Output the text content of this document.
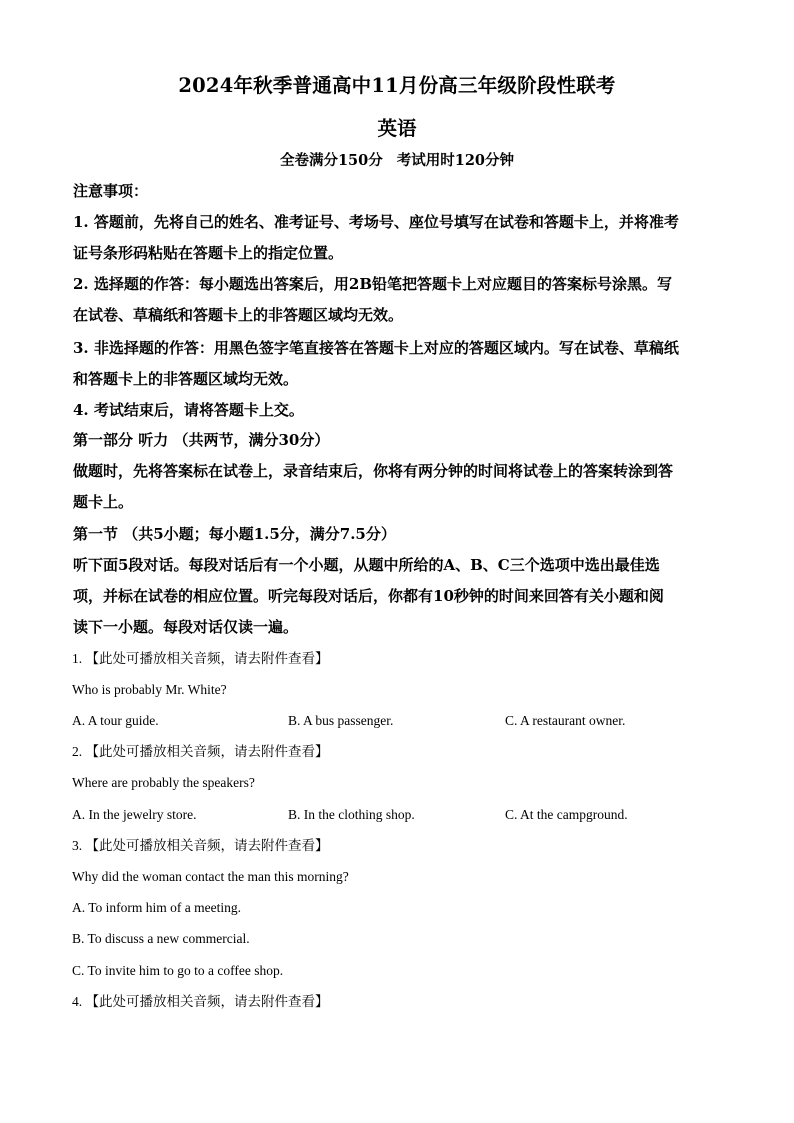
2024年秋季普通高中11月份高三年级阶段性联考
英语
全卷满分150分 考试用时120分钟
注意事项：
1. 答题前，先将自己的姓名、准考证号、考场号、座位号填写在试卷和答题卡上，并将准考
证号条形码粘贴在答题卡上的指定位置。
2. 选择题的作答：每小题选出答案后，用2B铅笔把答题卡上对应题目的答案标号涂黑。写
在试卷、草稿纸和答题卡上的非答题区域均无效。
3. 非选择题的作答：用黑色签字笔直接答在答题卡上对应的答题区域内。写在试卷、草稿纸
和答题卡上的非答题区域均无效。
4. 考试结束后，请将答题卡上交。
第一部分 听力 （共两节，满分30分）
做题时，先将答案标在试卷上，录音结束后，你将有两分钟的时间将试卷上的答案转涂到答
题卡上。
第一节 （共5小题；每小题1.5分，满分7.5分）
听下面5段对话。每段对话后有一个小题，从题中所给的A、B、C三个选项中选出最佳选
项，并标在试卷的相应位置。听完每段对话后，你都有10秒钟的时间来回答有关小题和阅
读下一小题。每段对话仅读一遍。
1. 【此处可播放相关音频，请去附件查看】
Who is probably Mr. White?
A. A tour guide.	B. A bus passenger.	C. A restaurant owner.
2. 【此处可播放相关音频，请去附件查看】
Where are probably the speakers?
A. In the jewelry store.	B. In the clothing shop.	C. At the campground.
3. 【此处可播放相关音频，请去附件查看】
Why did the woman contact the man this morning?
A. To inform him of a meeting.
B. To discuss a new commercial.
C. To invite him to go to a coffee shop.
4. 【此处可播放相关音频，请去附件查看】
